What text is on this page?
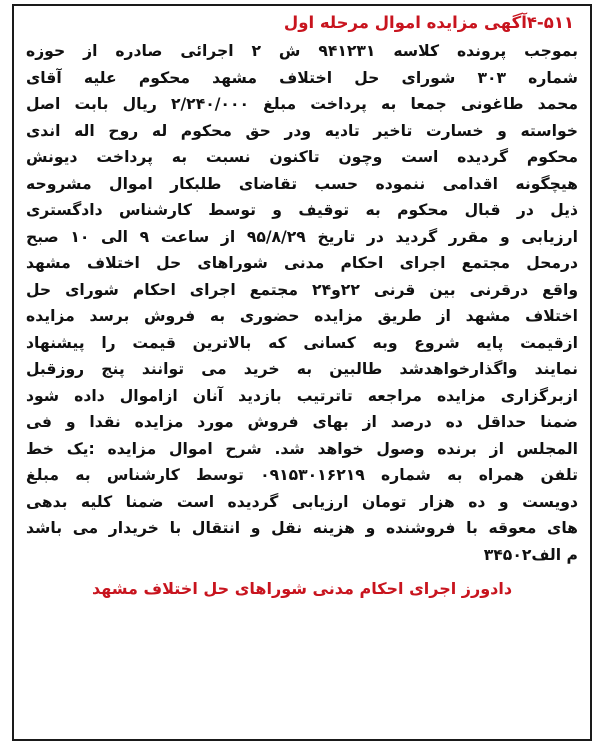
۴-۵۱۱آگهی مزایده اموال مرحله اول
بموجب پرونده کلاسه ۹۴۱۲۳۱ ش ۲ اجرائی صادره از حوزه
شماره ۳۰۳ شورای حل اختلاف مشهد محکوم علیه آقای
محمد طاغونی جمعا به پرداخت مبلغ ۲/۲۴۰/۰۰۰ ریال بابت اصل
خواسته و خسارت تاخیر تادیه ودر حق محکوم له روح اله اندی
محکوم گردیده است وچون تاکنون نسبت به پرداخت دیونش
هیچگونه اقدامی ننموده حسب تقاضای طلبکار اموال مشروحه
ذیل در قبال محکوم به توقیف و توسط کارشناس دادگستری
ارزیابی و مقرر گردید در تاریخ ۹۵/۸/۲۹ از ساعت ۹ الی ۱۰ صبح
درمحل مجتمع اجرای احکام مدنی شوراهای حل اختلاف مشهد
واقع درقرنی بین قرنی ۲۲و۲۴ مجتمع اجرای احکام شورای حل
اختلاف مشهد از طریق مزایده حضوری به فروش برسد مزایده
ازقیمت پایه شروع وبه کسانی که بالاترین قیمت را پیشنهاد
نمایند واگذارخواهدشد طالبین به خرید می توانند پنج روزقبل
ازبرگزاری مزایده مراجعه تاترتیب بازدید آنان ازاموال داده شود
ضمنا حداقل ده درصد از بهای فروش مورد مزایده نقدا و فی
المجلس از برنده وصول خواهد شد. شرح اموال مزایده :یک خط
تلفن همراه به شماره ۰۹۱۵۳۰۱۶۲۱۹ توسط کارشناس به مبلغ
دویست و ده هزار تومان ارزیابی گردیده است ضمنا کلیه بدهی
های معوقه با فروشنده و هزینه نقل و انتقال با خریدار می باشد
م الف۳۴۵۰۲
دادورز اجرای احکام مدنی شوراهای حل اختلاف مشهد
